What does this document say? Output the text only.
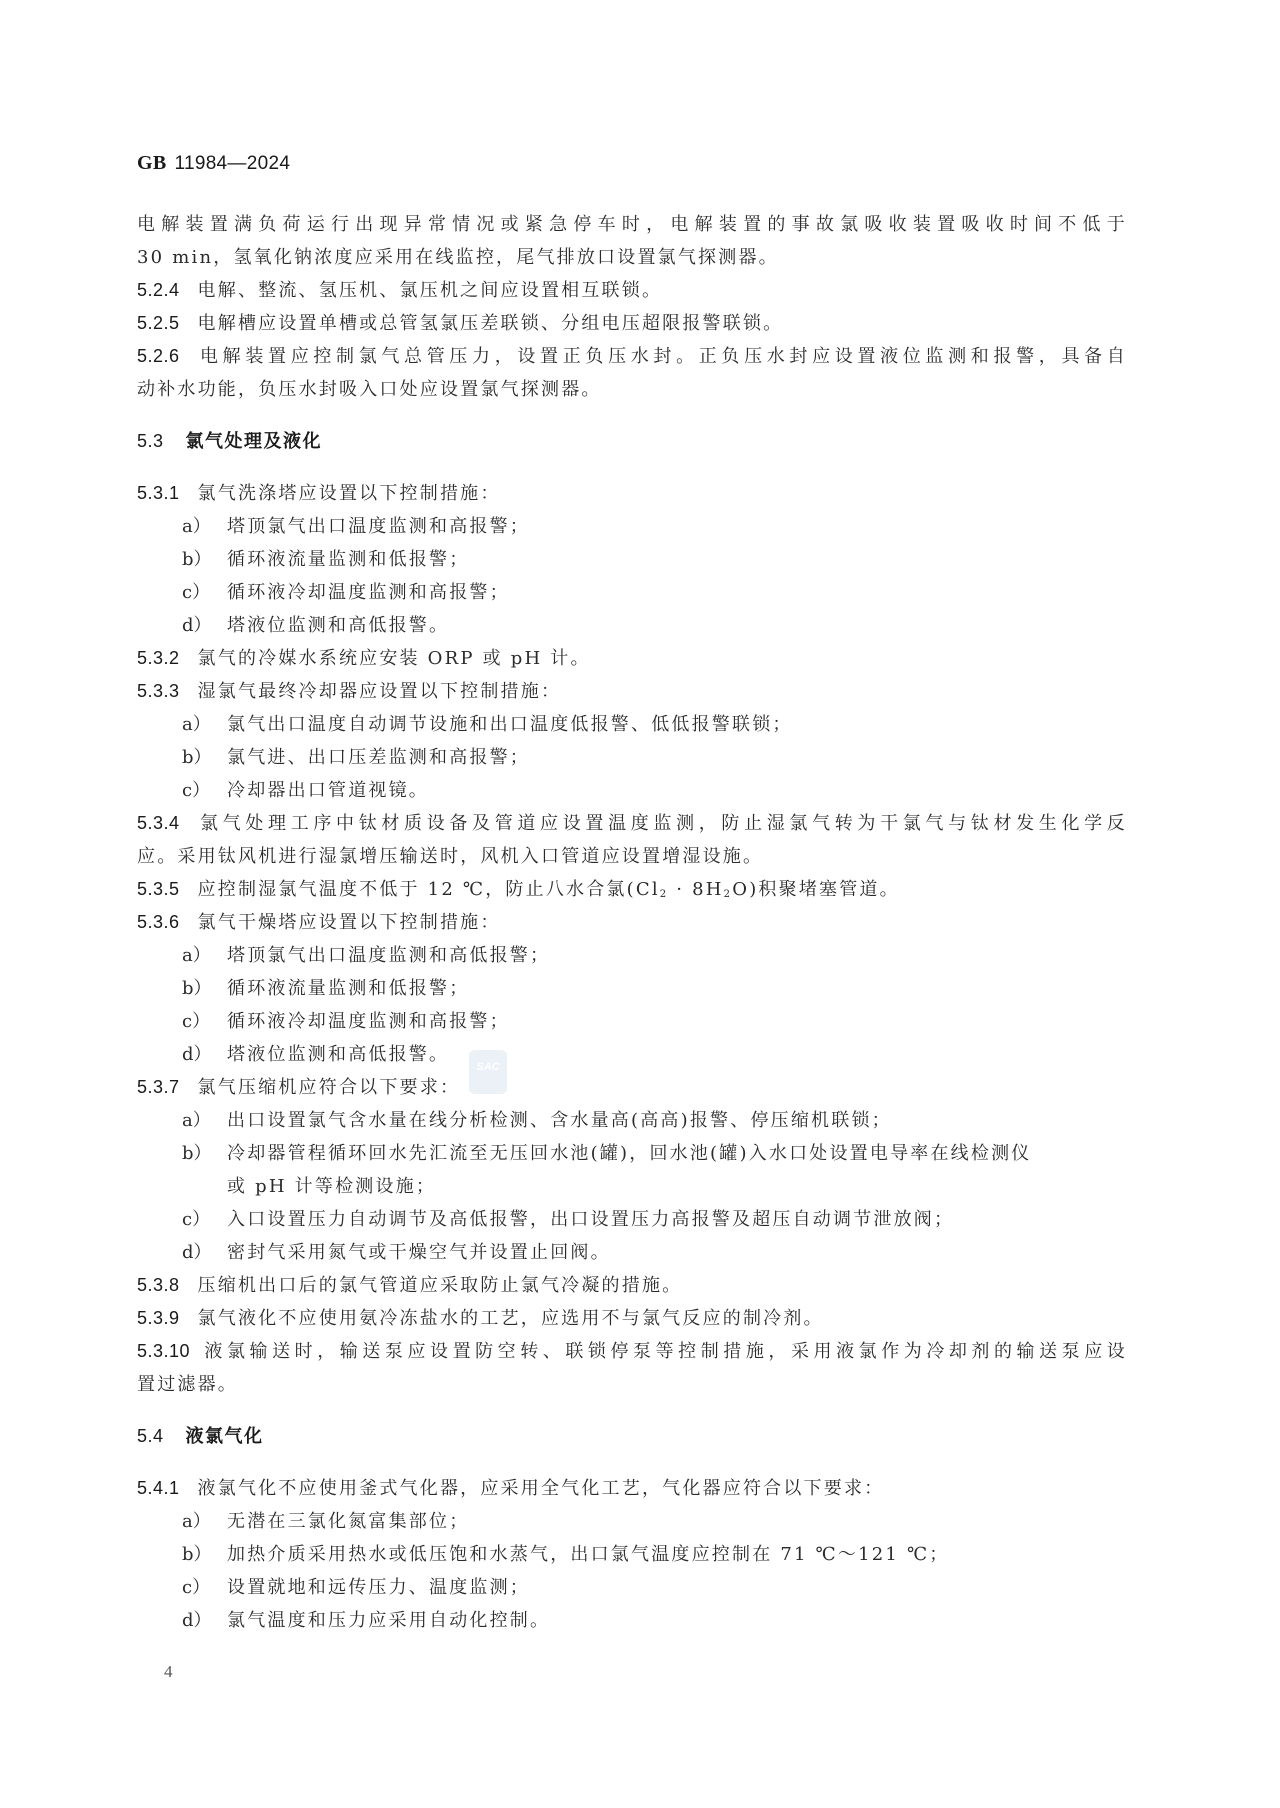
GB 11984—2024
电解装置满负荷运行出现异常情况或紧急停车时，电解装置的事故氯吸收装置吸收时间不低于
30 min，氢氧化钠浓度应采用在线监控，尾气排放口设置氯气探测器。
5.2.4 电解、整流、氢压机、氯压机之间应设置相互联锁。
5.2.5 电解槽应设置单槽或总管氢氯压差联锁、分组电压超限报警联锁。
5.2.6 电解装置应控制氯气总管压力，设置正负压水封。正负压水封应设置液位监测和报警，具备自
动补水功能，负压水封吸入口处应设置氯气探测器。
5.3 氯气处理及液化
5.3.1 氯气洗涤塔应设置以下控制措施：
a） 塔顶氯气出口温度监测和高报警；
b） 循环液流量监测和低报警；
c） 循环液冷却温度监测和高报警；
d） 塔液位监测和高低报警。
5.3.2 氯气的冷媒水系统应安装 ORP 或 pH 计。
5.3.3 湿氯气最终冷却器应设置以下控制措施：
a） 氯气出口温度自动调节设施和出口温度低报警、低低报警联锁；
b） 氯气进、出口压差监测和高报警；
c） 冷却器出口管道视镜。
5.3.4 氯气处理工序中钛材质设备及管道应设置温度监测，防止湿氯气转为干氯气与钛材发生化学反
应。采用钛风机进行湿氯增压输送时，风机入口管道应设置增湿设施。
5.3.5 应控制湿氯气温度不低于 12 ℃，防止八水合氯$(Cl_2 \cdot 8H_2O)$积聚堵塞管道。
5.3.6 氯气干燥塔应设置以下控制措施：
a） 塔顶氯气出口温度监测和高低报警；
b） 循环液流量监测和低报警；
c） 循环液冷却温度监测和高报警；
d） 塔液位监测和高低报警。
5.3.7 氯气压缩机应符合以下要求：
a） 出口设置氯气含水量在线分析检测、含水量高(高高)报警、停压缩机联锁；
b） 冷却器管程循环回水先汇流至无压回水池(罐)，回水池(罐)入水口处设置电导率在线检测仪
或 pH 计等检测设施；
c） 入口设置压力自动调节及高低报警，出口设置压力高报警及超压自动调节泄放阀；
d） 密封气采用氮气或干燥空气并设置止回阀。
5.3.8 压缩机出口后的氯气管道应采取防止氯气冷凝的措施。
5.3.9 氯气液化不应使用氨冷冻盐水的工艺，应选用不与氯气反应的制冷剂。
5.3.10 液氯输送时，输送泵应设置防空转、联锁停泵等控制措施，采用液氯作为冷却剂的输送泵应设
置过滤器。
5.4 液氯气化
5.4.1 液氯气化不应使用釜式气化器，应采用全气化工艺，气化器应符合以下要求：
a） 无潜在三氯化氮富集部位；
b） 加热介质采用热水或低压饱和水蒸气，出口氯气温度应控制在 71 ℃～121 ℃；
c） 设置就地和远传压力、温度监测；
d） 氯气温度和压力应采用自动化控制。
SAC
4
